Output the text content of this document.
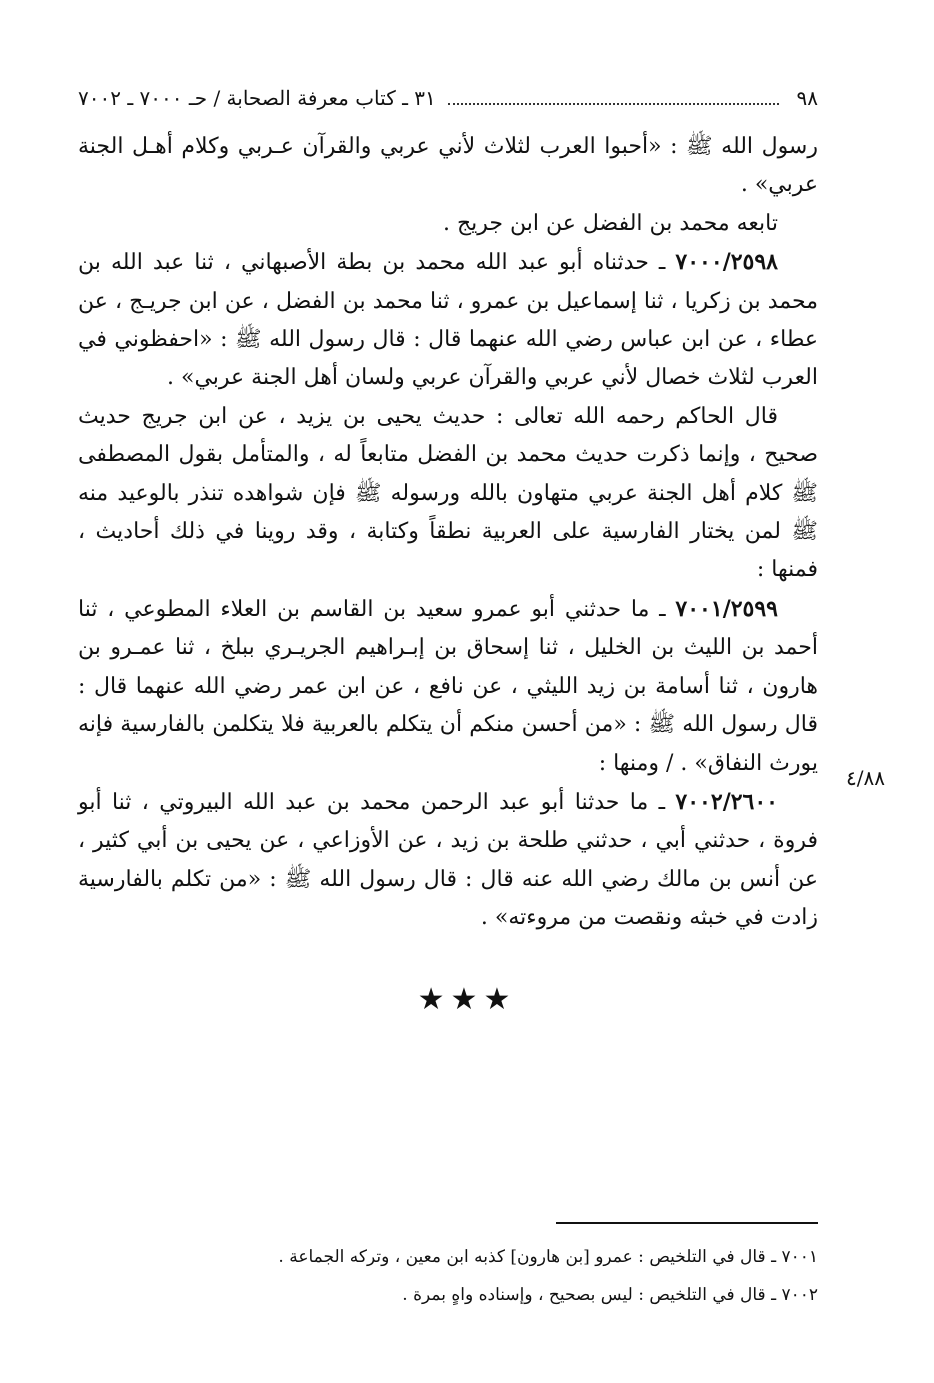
٩٨
٣١ ـ كتاب معرفة الصحابة / حـ ٧٠٠٠ ـ ٧٠٠٢

رسول الله ﷺ : «أحبوا العرب لثلاث لأني عربي والقرآن عـربي وكلام أهـل الجنة عربي» .

تابعه محمد بن الفضل عن ابن جريج .

٧٠٠٠/٢٥٩٨ ـ حدثناه أبو عبد الله محمد بن بطة الأصبهاني ، ثنا عبد الله بن محمد بن زكريا ، ثنا إسماعيل بن عمرو ، ثنا محمد بن الفضل ، عن ابن جريـج ، عن عطاء ، عن ابن عباس رضي الله عنهما قال : قال رسول الله ﷺ : «احفظوني في العرب لثلاث خصال لأني عربي والقرآن عربي ولسان أهل الجنة عربي» .

قال الحاكم رحمه الله تعالى : حديث يحيى بن يزيد ، عن ابن جريج حديث صحيح ، وإنما ذكرت حديث محمد بن الفضل متابعاً له ، والمتأمل بقول المصطفى ﷺ كلام أهل الجنة عربي متهاون بالله ورسوله ﷺ فإن شواهده تنذر بالوعيد منه ﷺ لمن يختار الفارسية على العربية نطقاً وكتابة ، وقد روينا في ذلك أحاديث ، فمنها :

٧٠٠١/٢٥٩٩ ـ ما حدثني أبو عمرو سعيد بن القاسم بن العلاء المطوعي ، ثنا أحمد بن الليث بن الخليل ، ثنا إسحاق بن إبـراهيم الجريـري ببلخ ، ثنا عمـرو بن هارون ، ثنا أسامة بن زيد الليثي ، عن نافع ، عن ابن عمر رضي الله عنهما قال : قال رسول الله ﷺ : «من أحسن منكم أن يتكلم بالعربية فلا يتكلمن بالفارسية فإنه يورث النفاق» . / ومنها :

٧٠٠٢/٢٦٠٠ ـ ما حدثنا أبو عبد الرحمن محمد بن عبد الله البيروتي ، ثنا أبو فروة ، حدثني أبي ، حدثني طلحة بن زيد ، عن الأوزاعي ، عن يحيى بن أبي كثير ، عن أنس بن مالك رضي الله عنه قال : قال رسول الله ﷺ : «من تكلم بالفارسية زادت في خبثه ونقصت من مروءته» .

٤/٨٨
★★★

٧٠٠١ ـ قال في التلخيص : عمرو [بن هارون] كذبه ابن معين ، وتركه الجماعة .

٧٠٠٢ ـ قال في التلخيص : ليس بصحيح ، وإسناده واهٍ بمرة .
